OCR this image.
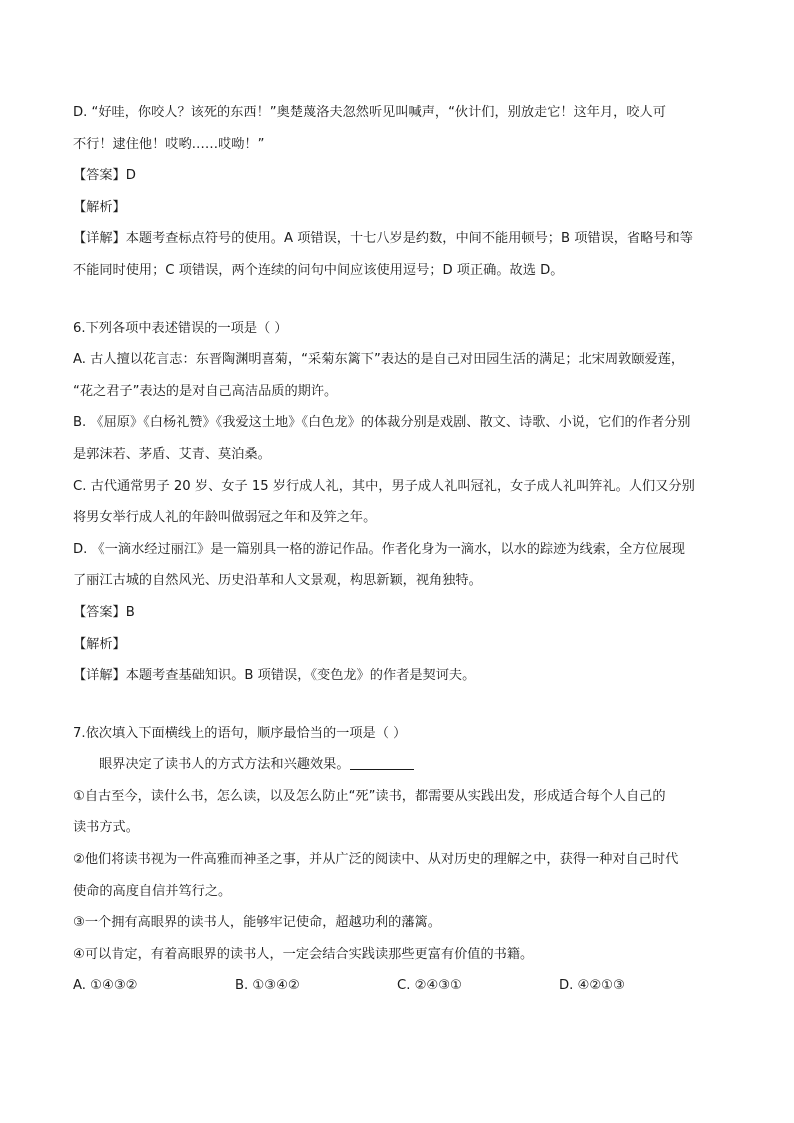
D. “好哇，你咬人？该死的东西！”奥楚蔑洛夫忽然听见叫喊声，“伙计们，别放走它！这年月，咬人可
不行！逮住他！哎哟……哎呦！”
【答案】D
【解析】
【详解】本题考查标点符号的使用。A 项错误，十七八岁是约数，中间不能用顿号；B 项错误，省略号和等
不能同时使用；C 项错误，两个连续的问句中间应该使用逗号；D 项正确。故选 D。
6.下列各项中表述错误的一项是（ ）
A. 古人擅以花言志：东晋陶渊明喜菊，“采菊东篱下”表达的是自己对田园生活的满足；北宋周敦颐爱莲，
“花之君子”表达的是对自己高洁品质的期许。
B. 《屈原》《白杨礼赞》《我爱这土地》《白色龙》的体裁分别是戏剧、散文、诗歌、小说，它们的作者分别
是郭沫若、茅盾、艾青、莫泊桑。
C. 古代通常男子 20 岁、女子 15 岁行成人礼，其中，男子成人礼叫冠礼，女子成人礼叫笄礼。人们又分别
将男女举行成人礼的年龄叫做弱冠之年和及笄之年。
D. 《一滴水经过丽江》是一篇别具一格的游记作品。作者化身为一滴水，以水的踪迹为线索，全方位展现
了丽江古城的自然风光、历史沿革和人文景观，构思新颖，视角独特。
【答案】B
【解析】
【详解】本题考查基础知识。B 项错误，《变色龙》的作者是契诃夫。
7.依次填入下面横线上的语句，顺序最恰当的一项是（ ）
眼界决定了读书人的方式方法和兴趣效果。
①自古至今，读什么书，怎么读，以及怎么防止“死”读书，都需要从实践出发，形成适合每个人自己的
读书方式。
②他们将读书视为一件高雅而神圣之事，并从广泛的阅读中、从对历史的理解之中，获得一种对自己时代
使命的高度自信并笃行之。
③一个拥有高眼界的读书人，能够牢记使命，超越功利的藩篱。
④可以肯定，有着高眼界的读书人，一定会结合实践读那些更富有价值的书籍。
A. ①④③②	B. ①③④②	C. ②④③①	D. ④②①③
